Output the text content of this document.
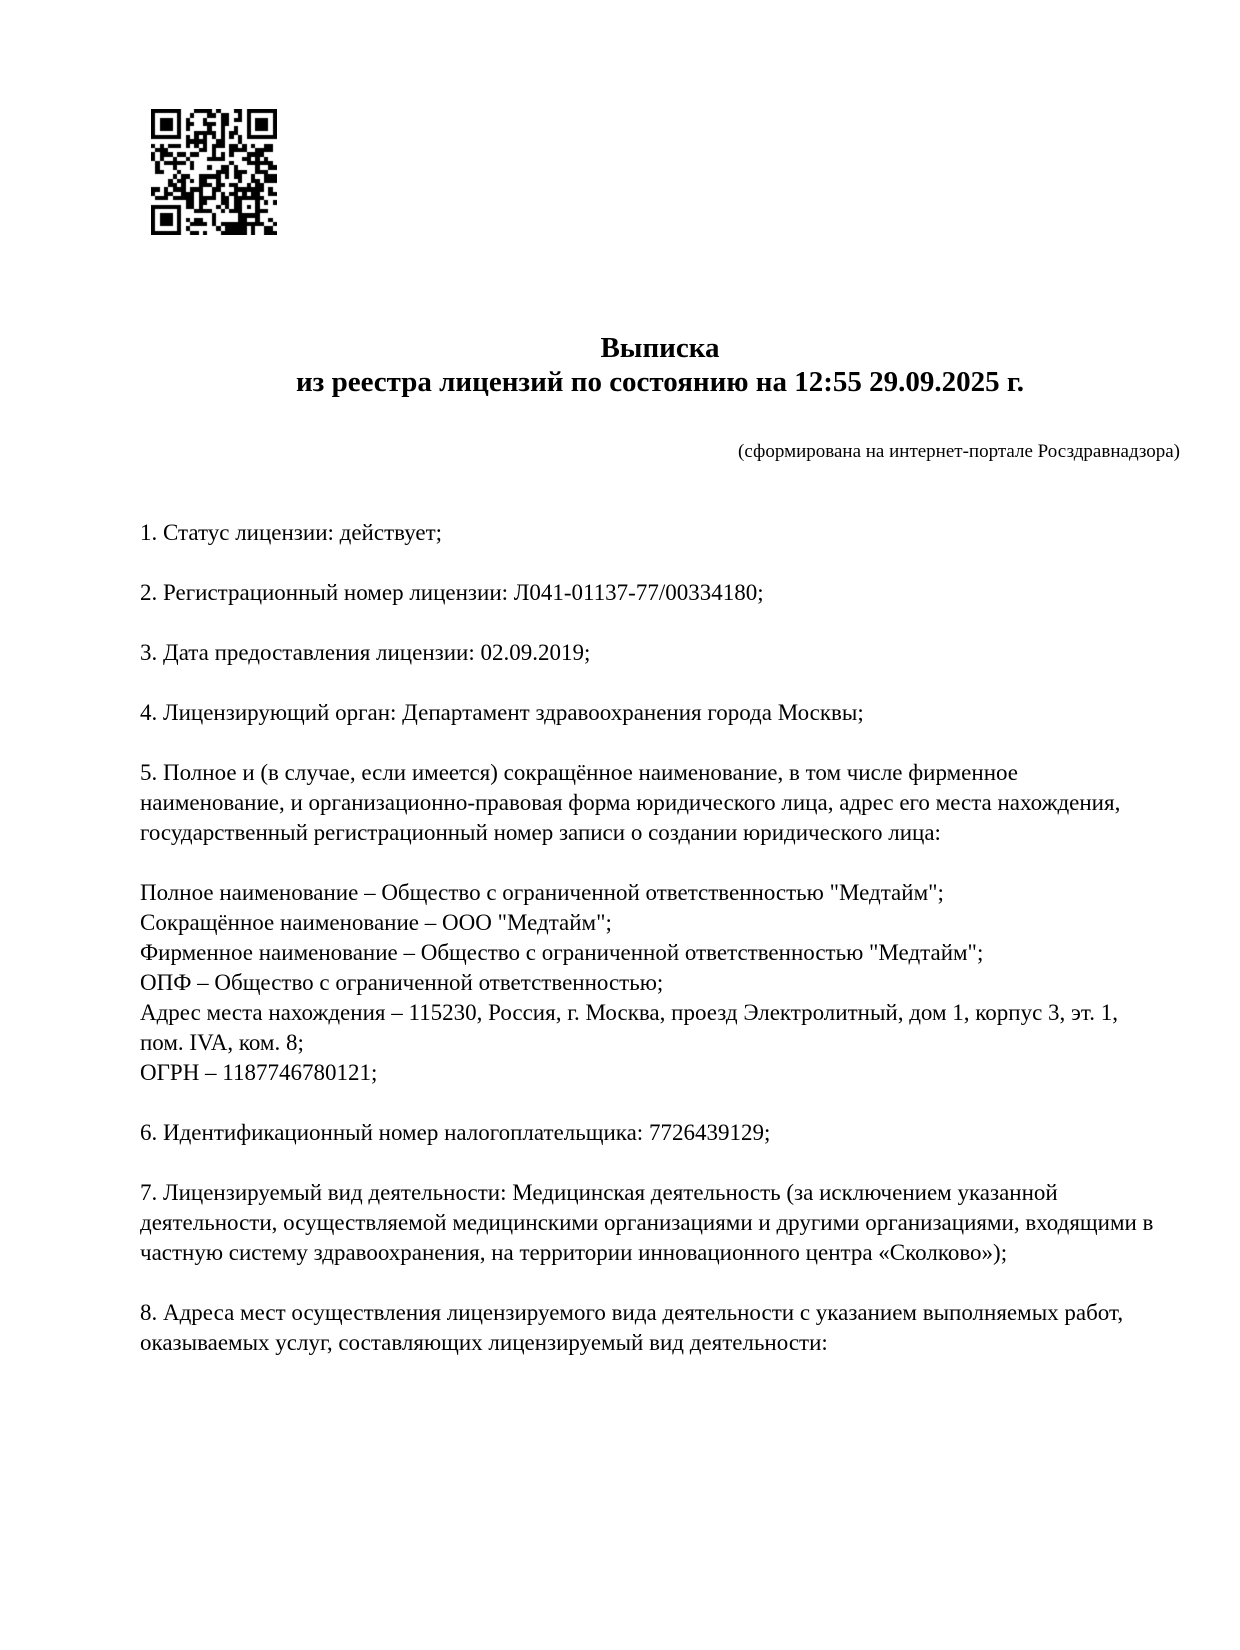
Выписка
из реестра лицензий по состоянию на 12:55 29.09.2025 г.
(сформирована на интернет-портале Росздравнадзора)

1. Статус лицензии: действует;

2. Регистрационный номер лицензии: Л041-01137-77/00334180;

3. Дата предоставления лицензии: 02.09.2019;

4. Лицензирующий орган: Департамент здравоохранения города Москвы;

5. Полное и (в случае, если имеется) сокращённое наименование, в том числе фирменное наименование, и организационно-правовая форма юридического лица, адрес его места нахождения, государственный регистрационный номер записи о создании юридического лица:

Полное наименование – Общество с ограниченной ответственностью "Медтайм";
Сокращённое наименование – ООО "Медтайм";
Фирменное наименование – Общество с ограниченной ответственностью "Медтайм";
ОПФ – Общество с ограниченной ответственностью;
Адрес места нахождения – 115230, Россия, г. Москва, проезд Электролитный, дом 1, корпус 3, эт. 1, пом. IVA, ком. 8;
ОГРН – 1187746780121;

6. Идентификационный номер налогоплательщика: 7726439129;

7. Лицензируемый вид деятельности: Медицинская деятельность (за исключением указанной деятельности, осуществляемой медицинскими организациями и другими организациями, входящими в частную систему здравоохранения, на территории инновационного центра «Сколково»);

8. Адреса мест осуществления лицензируемого вида деятельности с указанием выполняемых работ, оказываемых услуг, составляющих лицензируемый вид деятельности:
